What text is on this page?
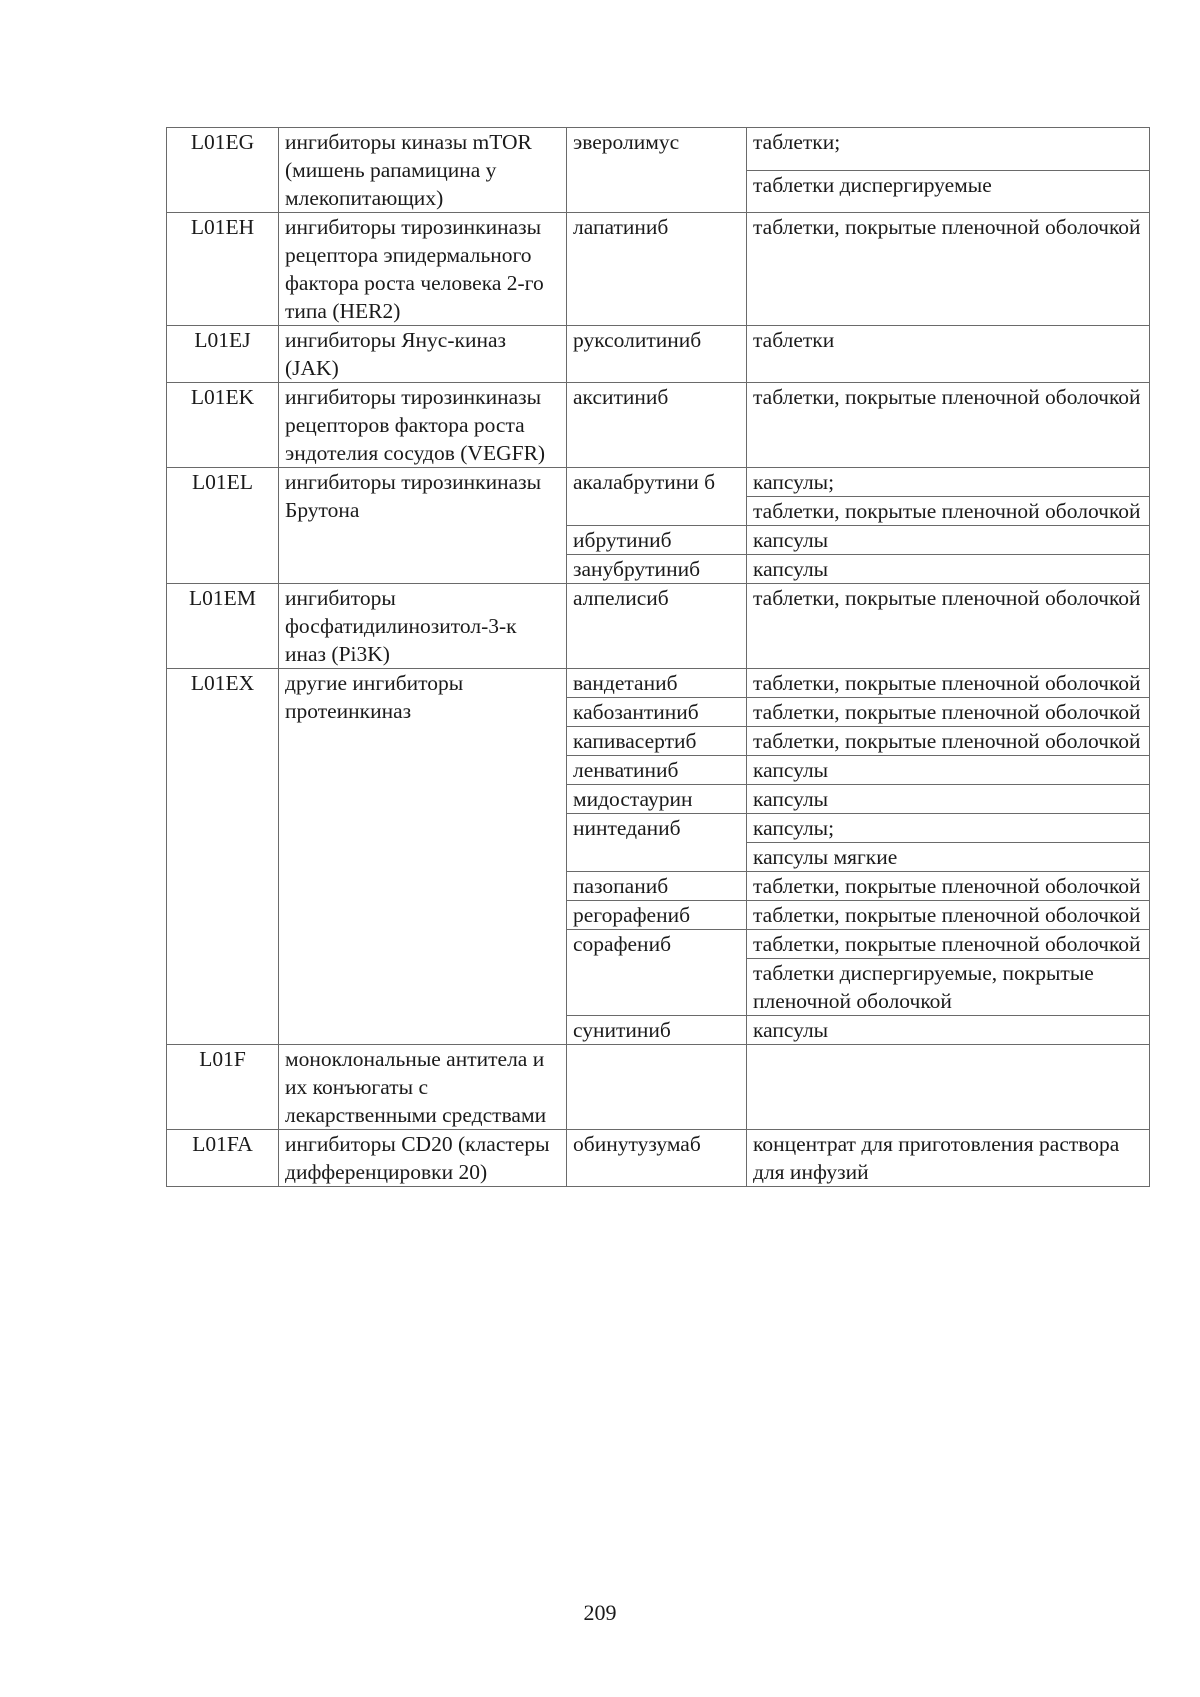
L01EG	ингибиторы киназы mTOR (мишень рапамицина у млекопитающих)	эверолимус	таблетки;
			таблетки диспергируемые
L01EH	ингибиторы тирозинкиназы рецептора эпидермального фактора роста человека 2-го типа (HER2)	лапатиниб	таблетки, покрытые пленочной оболочкой
L01EJ	ингибиторы Янус-киназ (JAK)	руксолитиниб	таблетки
L01EK	ингибиторы тирозинкиназы рецепторов фактора роста эндотелия сосудов (VEGFR)	акситиниб	таблетки, покрытые пленочной оболочкой
L01EL	ингибиторы тирозинкиназы Брутона	акалабрутини б	капсулы;
			таблетки, покрытые пленочной оболочкой
		ибрутиниб	капсулы
		занубрутиниб	капсулы
L01EM	ингибиторы фосфатидилинозитол-3-к иназ (Pi3K)	алпелисиб	таблетки, покрытые пленочной оболочкой
L01EX	другие ингибиторы протеинкиназ	вандетаниб	таблетки, покрытые пленочной оболочкой
		кабозантиниб	таблетки, покрытые пленочной оболочкой
		капивасертиб	таблетки, покрытые пленочной оболочкой
		ленватиниб	капсулы
		мидостаурин	капсулы
		нинтеданиб	капсулы;
			капсулы мягкие
		пазопаниб	таблетки, покрытые пленочной оболочкой
		регорафениб	таблетки, покрытые пленочной оболочкой
		сорафениб	таблетки, покрытые пленочной оболочкой
			таблетки диспергируемые, покрытые пленочной оболочкой
		сунитиниб	капсулы
L01F	моноклональные антитела и их конъюгаты с лекарственными средствами		
L01FA	ингибиторы CD20 (кластеры дифференцировки 20)	обинутузумаб	концентрат для приготовления раствора для инфузий
209
